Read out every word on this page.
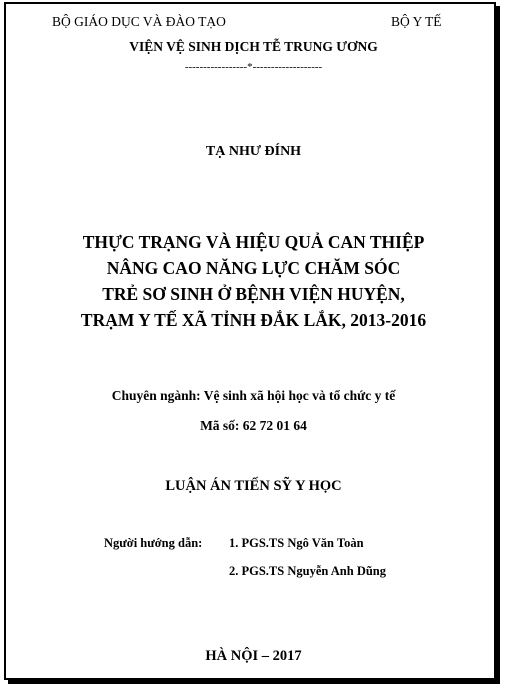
BỘ GIÁO DỤC VÀ ĐÀO TẠO	BỘ Y TẾ
VIỆN VỆ SINH DỊCH TỄ TRUNG ƯƠNG
-----------------*-------------------
TẠ NHƯ ĐÍNH
THỰC TRẠNG VÀ HIỆU QUẢ CAN THIỆP
NÂNG CAO NĂNG LỰC CHĂM SÓC
TRẺ SƠ SINH Ở BỆNH VIỆN HUYỆN,
TRẠM Y TẾ XÃ TỈNH ĐẮK LẮK, 2013-2016
Chuyên ngành: Vệ sinh xã hội học và tổ chức y tế
Mã số: 62 72 01 64
LUẬN ÁN TIẾN SỸ Y HỌC
Người hướng dẫn: 1. PGS.TS Ngô Văn Toàn
2. PGS.TS Nguyễn Anh Dũng
HÀ NỘI – 2017
